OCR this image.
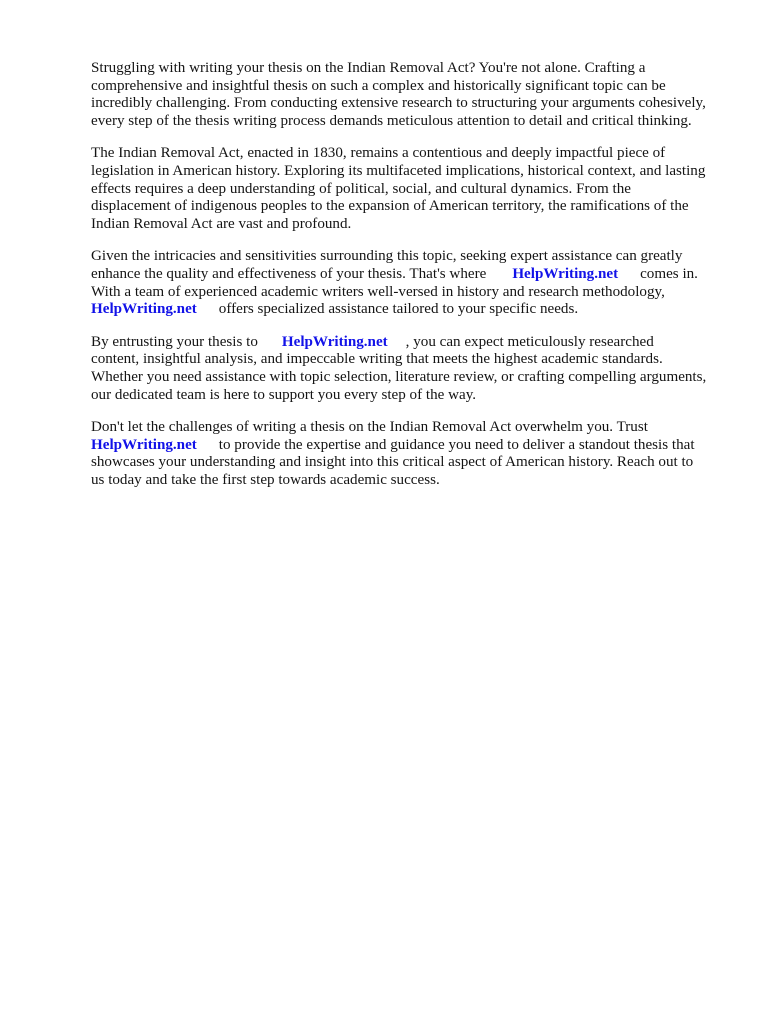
Struggling with writing your thesis on the Indian Removal Act? You're not alone. Crafting a
comprehensive and insightful thesis on such a complex and historically significant topic can be
incredibly challenging. From conducting extensive research to structuring your arguments cohesively,
every step of the thesis writing process demands meticulous attention to detail and critical thinking.

The Indian Removal Act, enacted in 1830, remains a contentious and deeply impactful piece of
legislation in American history. Exploring its multifaceted implications, historical context, and lasting
effects requires a deep understanding of political, social, and cultural dynamics. From the
displacement of indigenous peoples to the expansion of American territory, the ramifications of the
Indian Removal Act are vast and profound.

Given the intricacies and sensitivities surrounding this topic, seeking expert assistance can greatly
enhance the quality and effectiveness of your thesis. That's where HelpWriting.net comes in.
With a team of experienced academic writers well-versed in history and research methodology,
HelpWriting.net offers specialized assistance tailored to your specific needs.

By entrusting your thesis to HelpWriting.net , you can expect meticulously researched
content, insightful analysis, and impeccable writing that meets the highest academic standards.
Whether you need assistance with topic selection, literature review, or crafting compelling arguments,
our dedicated team is here to support you every step of the way.

Don't let the challenges of writing a thesis on the Indian Removal Act overwhelm you. Trust
HelpWriting.net to provide the expertise and guidance you need to deliver a standout thesis that
showcases your understanding and insight into this critical aspect of American history. Reach out to
us today and take the first step towards academic success.
